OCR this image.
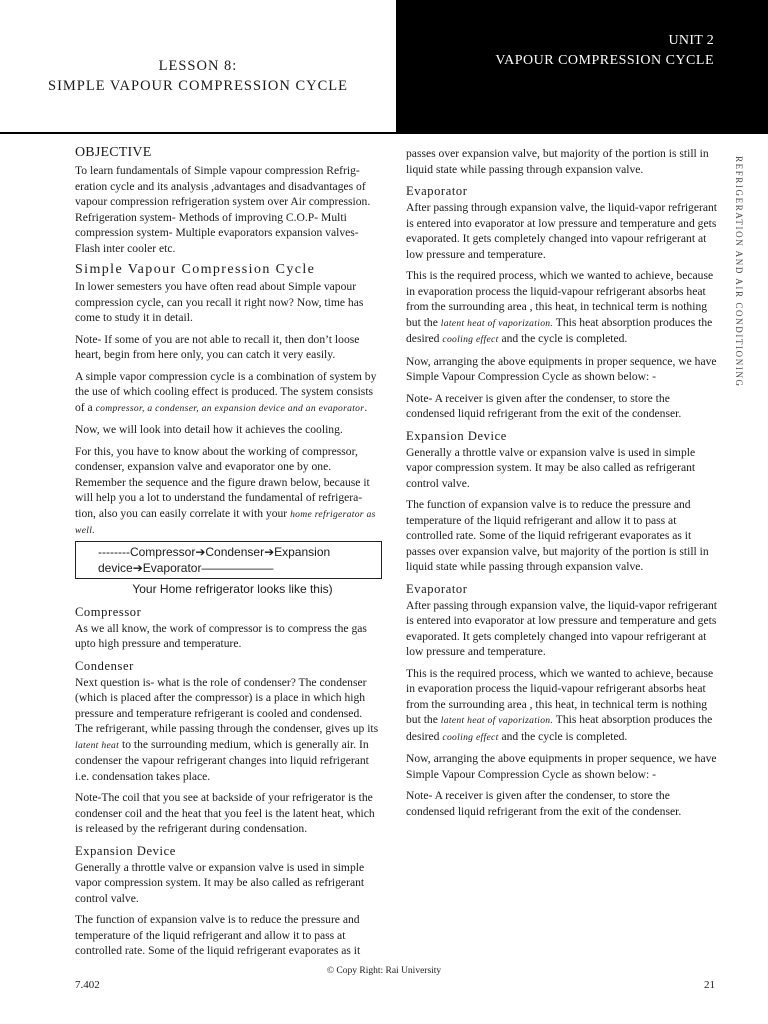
LESSON 8:
SIMPLE VAPOUR COMPRESSION CYCLE
UNIT 2
VAPOUR COMPRESSION CYCLE
REFRIGERATION AND AIR CONDITIONING
OBJECTIVE

To learn fundamentals of Simple vapour compression Refrig-eration cycle and its analysis ,advantages and disadvantages of vapour compression refrigeration system over Air compression. Refrigeration system- Methods of improving C.O.P- Multi compression system- Multiple evaporators expansion valves- Flash inter cooler etc.

Simple Vapour Compression Cycle

In lower semesters you have often read about Simple vapour compression cycle, can you recall it right now? Now, time has come to study it in detail.

Note- If some of you are not able to recall it, then don’t loose heart, begin from here only, you can catch it very easily.

A simple vapor compression cycle is a combination of system by the use of which cooling effect is produced. The system consists of a compressor, a condenser, an expansion device and an evaporator.

Now, we will look into detail how it achieves the cooling.

For this, you have to know about the working of compressor, condenser, expansion valve and evaporator one by one. Remember the sequence and the figure drawn below, because it will help you a lot to understand the fundamental of refrigera-tion, also you can easily correlate it with your home refrigerator as well.

--------Compressor➔Condenser➔Expansion
device➔Evaporator——————
Your Home refrigerator looks like this)
Compressor

As we all know, the work of compressor is to compress the gas upto high pressure and temperature.

Condenser

Next question is- what is the role of condenser? The condenser (which is placed after the compressor) is a place in which high pressure and temperature refrigerant is cooled and condensed. The refrigerant, while passing through the condenser, gives up its latent heat to the surrounding medium, which is generally air. In condenser the vapour refrigerant changes into liquid refrigerant i.e. condensation takes place.

Note-The coil that you see at backside of your refrigerator is the condenser coil and the heat that you feel is the latent heat, which is released by the refrigerant during condensation.

Expansion Device

Generally a throttle valve or expansion valve is used in simple vapor compression system. It may be also called as refrigerant control valve.

The function of expansion valve is to reduce the pressure and temperature of the liquid refrigerant and allow it to pass at controlled rate. Some of the liquid refrigerant evaporates as it

passes over expansion valve, but majority of the portion is still in liquid state while passing through expansion valve.

Evaporator

After passing through expansion valve, the liquid-vapor refrigerant is entered into evaporator at low pressure and temperature and gets evaporated. It gets completely changed into vapour refrigerant at low pressure and temperature.

This is the required process, which we wanted to achieve, because in evaporation process the liquid-vapour refrigerant absorbs heat from the surrounding area , this heat, in technical term is nothing but the latent heat of vaporization. This heat absorption produces the desired cooling effect and the cycle is completed.

Now, arranging the above equipments in proper sequence, we have Simple Vapour Compression Cycle as shown below: -

Note- A receiver is given after the condenser, to store the condensed liquid refrigerant from the exit of the condenser.

Expansion Device

Generally a throttle valve or expansion valve is used in simple vapor compression system. It may be also called as refrigerant control valve.

The function of expansion valve is to reduce the pressure and temperature of the liquid refrigerant and allow it to pass at controlled rate. Some of the liquid refrigerant evaporates as it passes over expansion valve, but majority of the portion is still in liquid state while passing through expansion valve.

Evaporator

After passing through expansion valve, the liquid-vapor refrigerant is entered into evaporator at low pressure and temperature and gets evaporated. It gets completely changed into vapour refrigerant at low pressure and temperature.

This is the required process, which we wanted to achieve, because in evaporation process the liquid-vapour refrigerant absorbs heat from the surrounding area , this heat, in technical term is nothing but the latent heat of vaporization. This heat absorption produces the desired cooling effect and the cycle is completed.

Now, arranging the above equipments in proper sequence, we have Simple Vapour Compression Cycle as shown below: -

Note- A receiver is given after the condenser, to store the condensed liquid refrigerant from the exit of the condenser.

7.402
© Copy Right: Rai University
21
